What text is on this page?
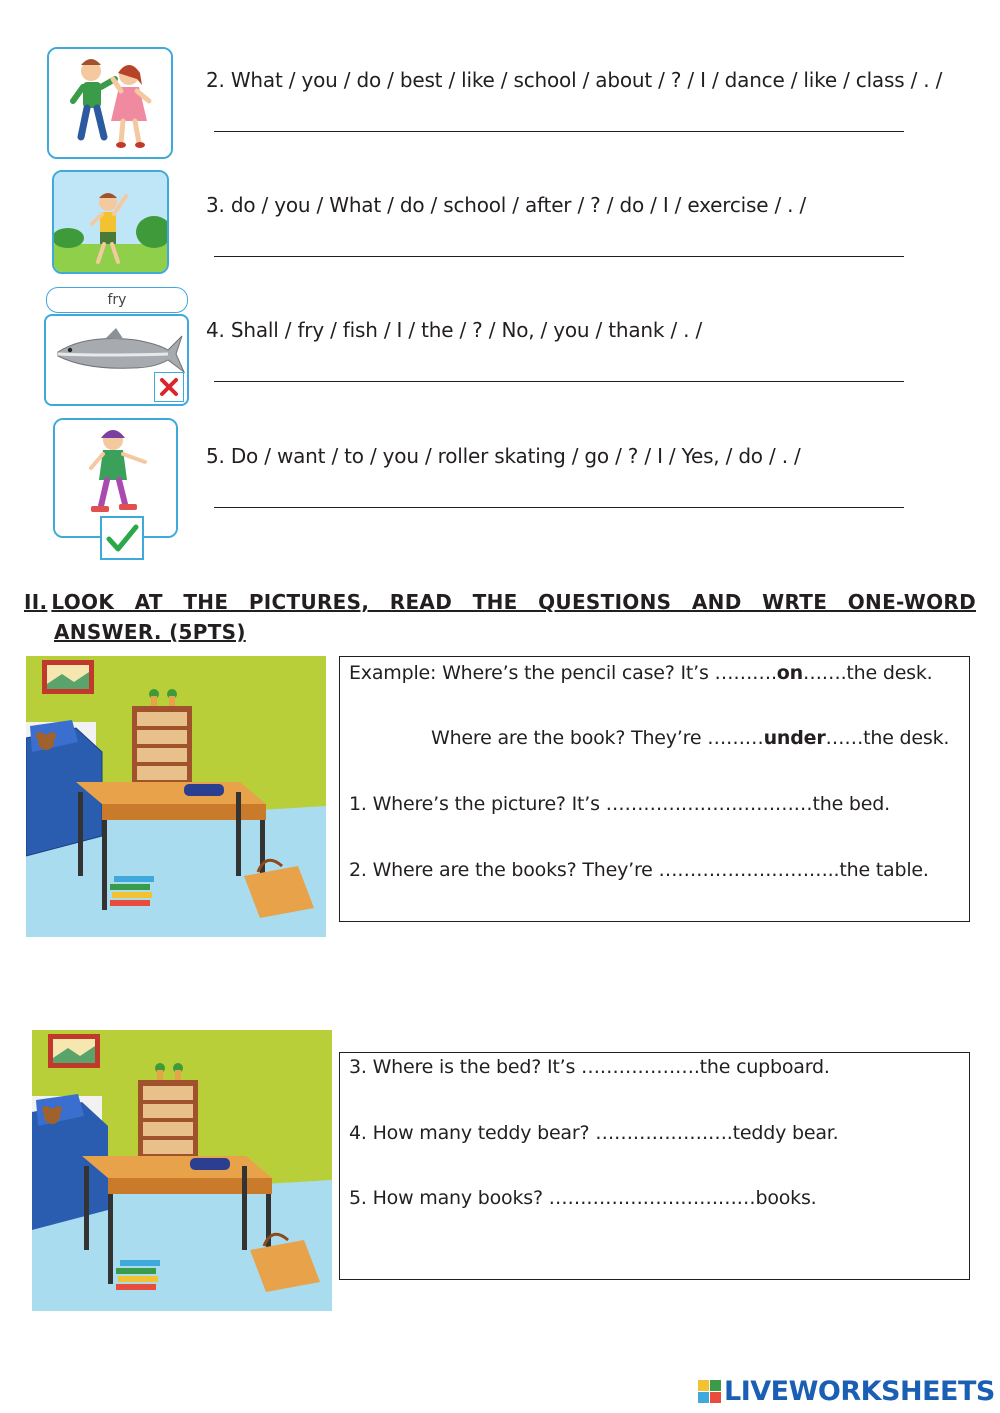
2. What / you / do / best / like / school / about / ? / I / dance / like / class / . /
3. do / you / What / do / school / after / ? / do / I / exercise / . /
fry
4. Shall / fry / fish / I / the / ? / No, / you / thank / . /
5. Do / want / to / you / roller skating / go / ? / I / Yes, / do / . /
II. LOOK AT THE PICTURES, READ THE QUESTIONS AND WRTE ONE-WORD
ANSWER. (5PTS)
Example: Where’s the pencil case? It’s ……….on…….the desk.
Where are the book? They’re ………under……the desk.
1. Where’s the picture? It’s ……………………………the bed.
2. Where are the books? They’re ………………………..the table.
3. Where is the bed? It’s ……………….the cupboard.
4. How many teddy bear? ………………….teddy bear.
5. How many books? ……………………………books.
LIVEWORKSHEETS
